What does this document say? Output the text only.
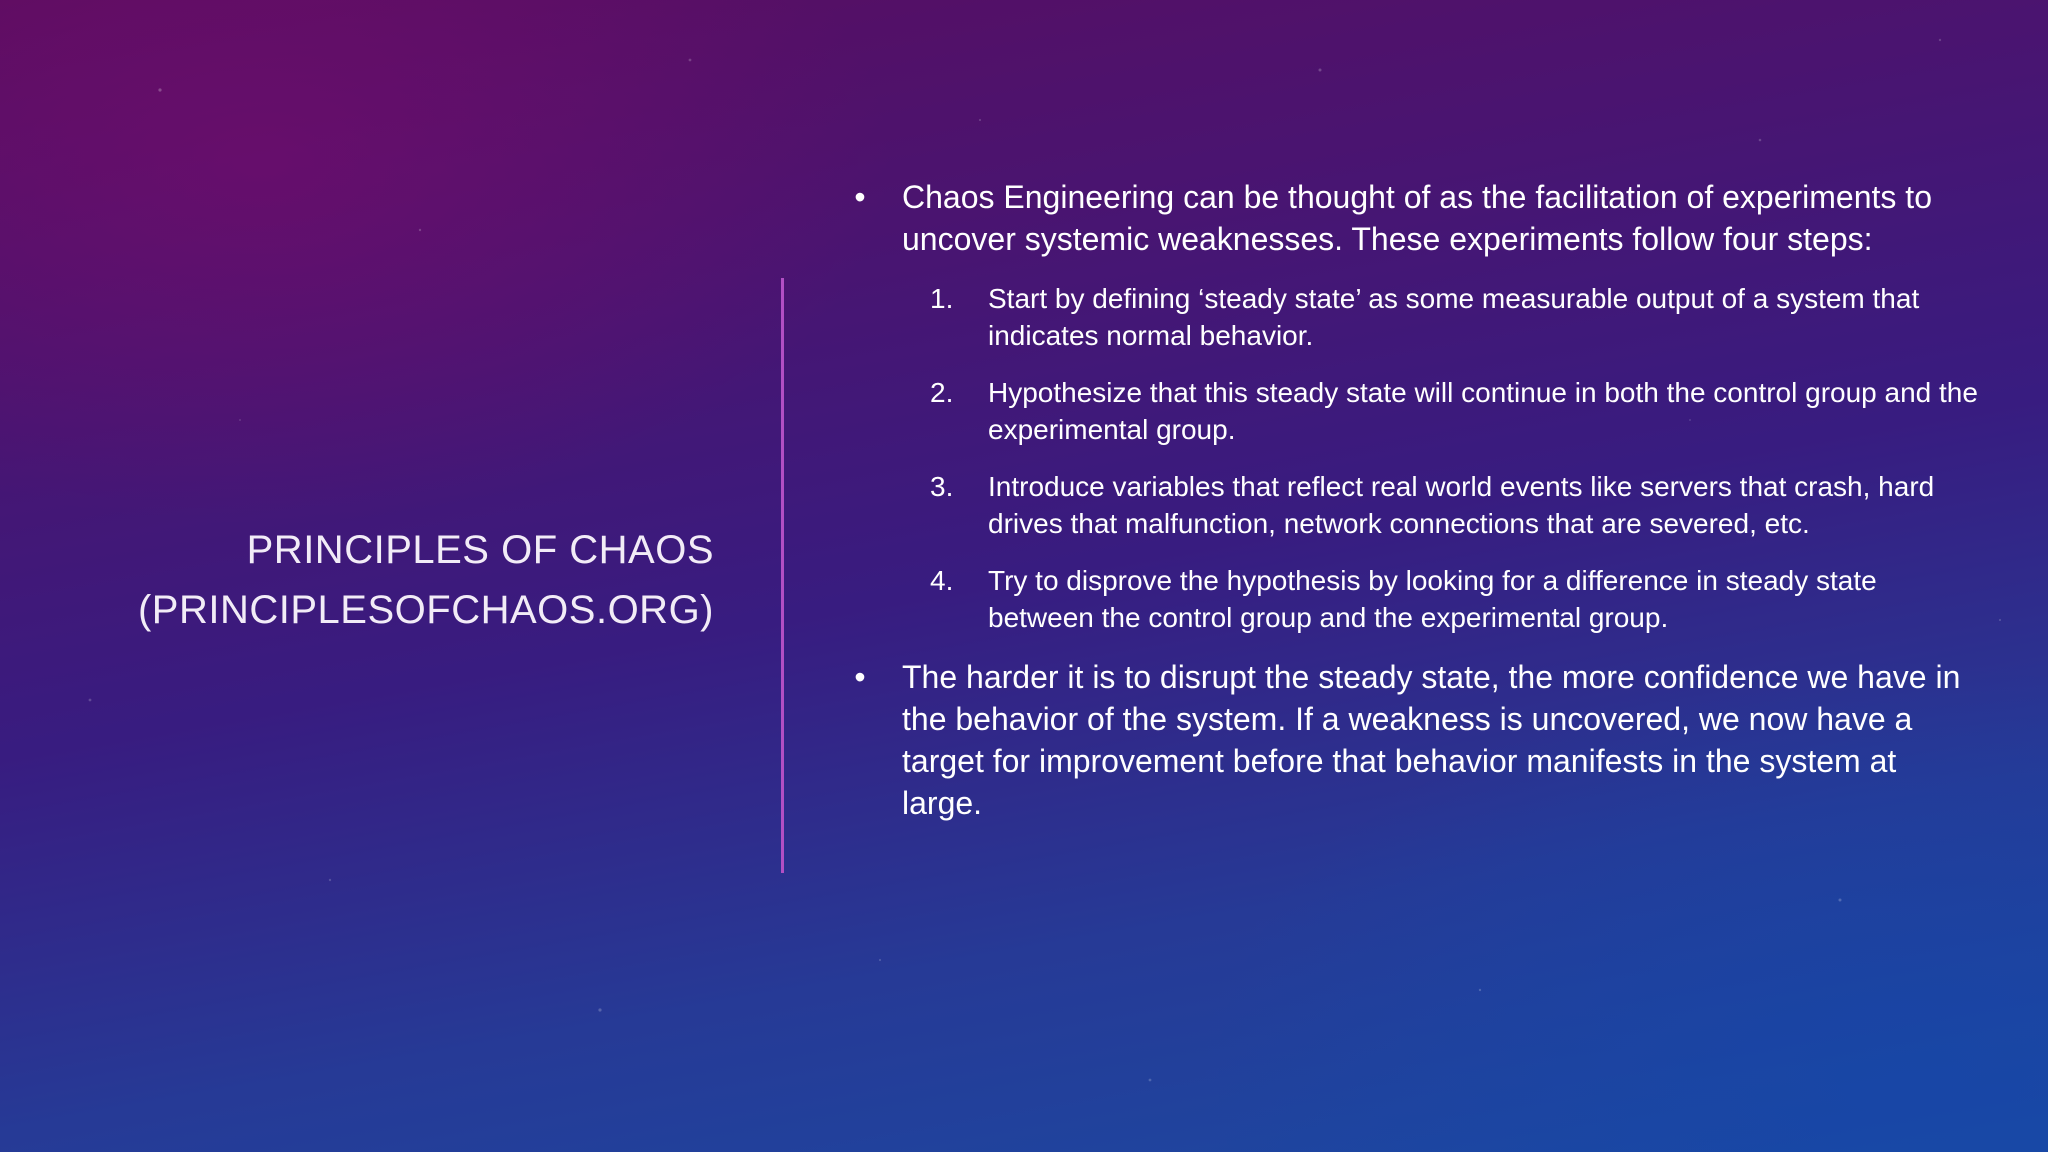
PRINCIPLES OF CHAOS
(PRINCIPLESOFCHAOS.ORG)
• Chaos Engineering can be thought of as the facilitation of experiments to uncover systemic weaknesses. These experiments follow four steps:
1. Start by defining ‘steady state’ as some measurable output of a system that indicates normal behavior.
2. Hypothesize that this steady state will continue in both the control group and the experimental group.
3. Introduce variables that reflect real world events like servers that crash, hard drives that malfunction, network connections that are severed, etc.
4. Try to disprove the hypothesis by looking for a difference in steady state between the control group and the experimental group.
• The harder it is to disrupt the steady state, the more confidence we have in the behavior of the system. If a weakness is uncovered, we now have a target for improvement before that behavior manifests in the system at large.
